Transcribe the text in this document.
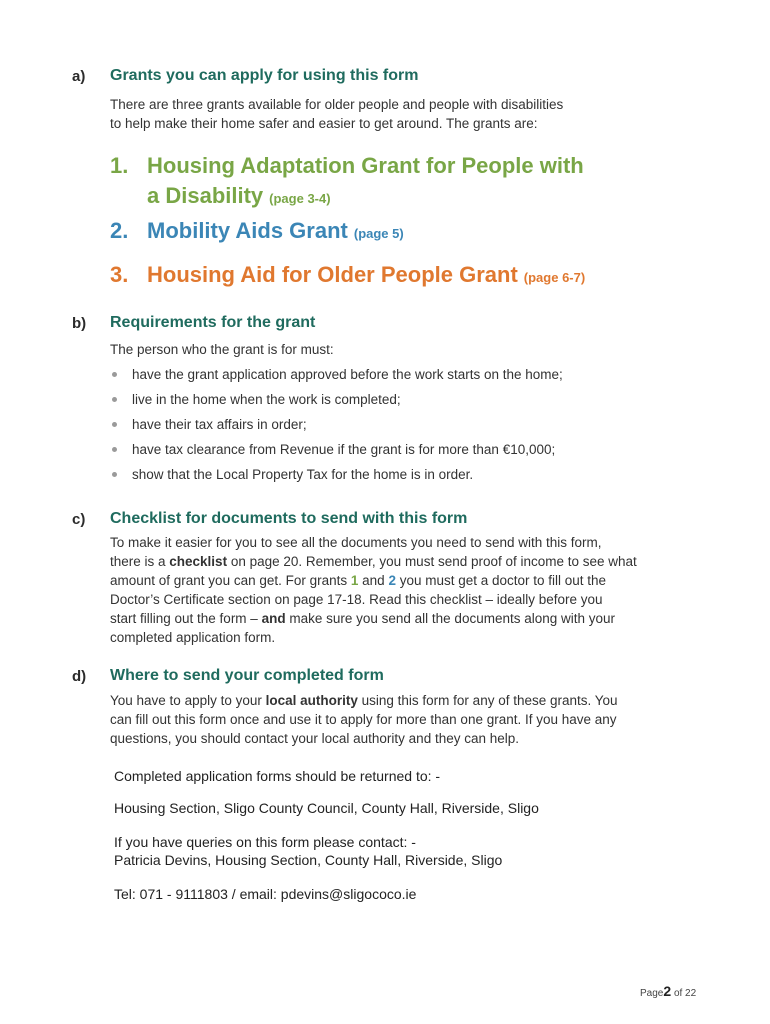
a) Grants you can apply for using this form
There are three grants available for older people and people with disabilities
to help make their home safer and easier to get around. The grants are:
1. Housing Adaptation Grant for People with
a Disability (page 3-4)
2. Mobility Aids Grant (page 5)
3. Housing Aid for Older People Grant (page 6-7)
b) Requirements for the grant
The person who the grant is for must:
have the grant application approved before the work starts on the home;
live in the home when the work is completed;
have their tax affairs in order;
have tax clearance from Revenue if the grant is for more than €10,000;
show that the Local Property Tax for the home is in order.
c) Checklist for documents to send with this form
To make it easier for you to see all the documents you need to send with this form,
there is a checklist on page 20. Remember, you must send proof of income to see what
amount of grant you can get. For grants 1 and 2 you must get a doctor to fill out the
Doctor’s Certificate section on page 17-18. Read this checklist – ideally before you
start filling out the form – and make sure you send all the documents along with your
completed application form.
d) Where to send your completed form
You have to apply to your local authority using this form for any of these grants. You
can fill out this form once and use it to apply for more than one grant. If you have any
questions, you should contact your local authority and they can help.
Completed application forms should be returned to: -
Housing Section, Sligo County Council, County Hall, Riverside, Sligo
If you have queries on this form please contact: -
Patricia Devins, Housing Section, County Hall, Riverside, Sligo
Tel: 071 - 9111803 / email: pdevins@sligococo.ie
Page2 of 22
